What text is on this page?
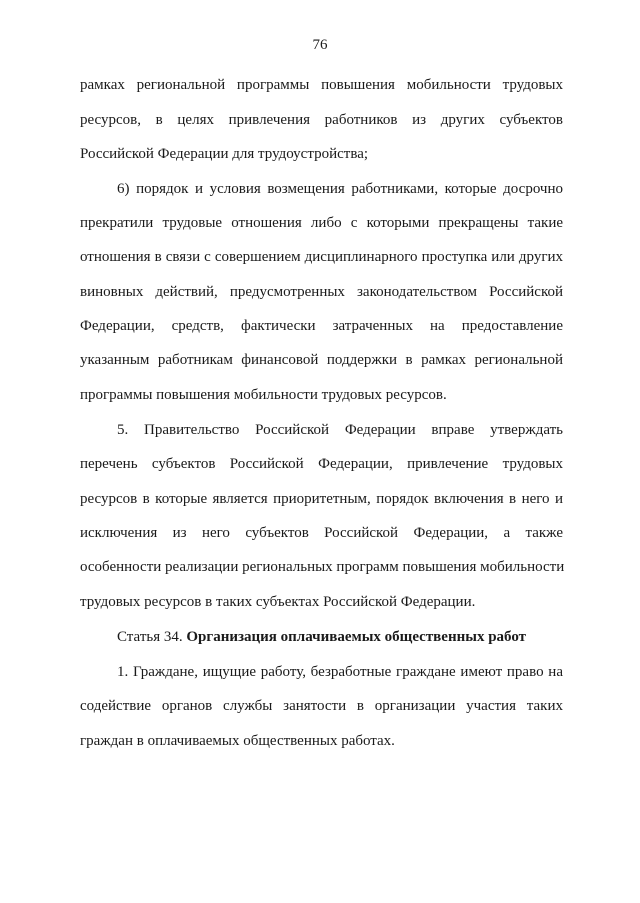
76
рамках региональной программы повышения мобильности трудовых
ресурсов, в целях привлечения работников из других субъектов
Российской Федерации для трудоустройства;
6) порядок и условия возмещения работниками, которые досрочно
прекратили трудовые отношения либо с которыми прекращены такие
отношения в связи с совершением дисциплинарного проступка или других
виновных действий, предусмотренных законодательством Российской
Федерации, средств, фактически затраченных на предоставление
указанным работникам финансовой поддержки в рамках региональной
программы повышения мобильности трудовых ресурсов.
5. Правительство Российской Федерации вправе утверждать
перечень субъектов Российской Федерации, привлечение трудовых
ресурсов в которые является приоритетным, порядок включения в него и
исключения из него субъектов Российской Федерации, а также
особенности реализации региональных программ повышения мобильности
трудовых ресурсов в таких субъектах Российской Федерации.
Статья 34. Организация оплачиваемых общественных работ
1. Граждане, ищущие работу, безработные граждане имеют право на
содействие органов службы занятости в организации участия таких
граждан в оплачиваемых общественных работах.
